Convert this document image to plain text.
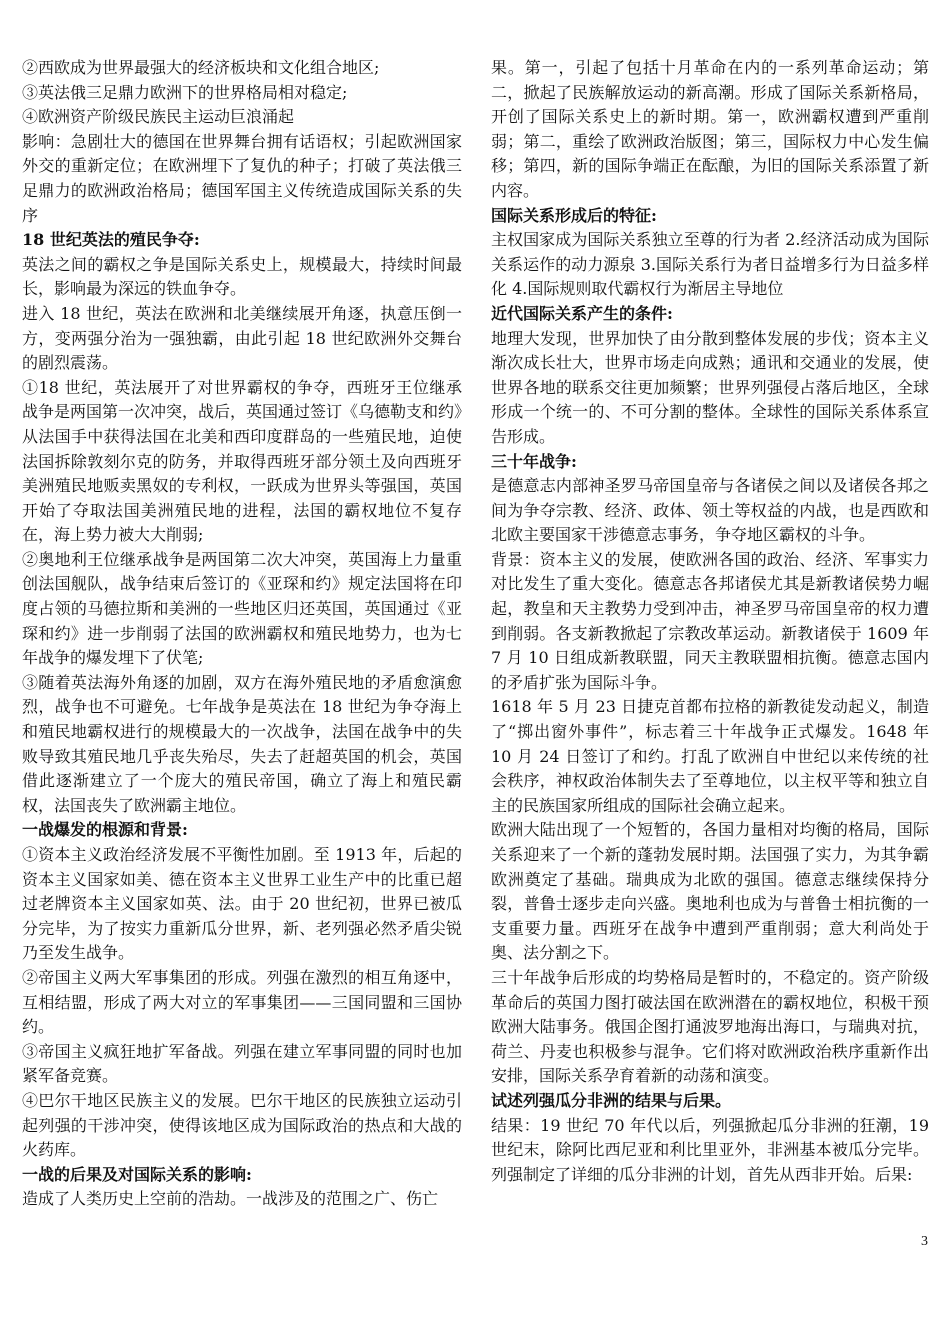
②西欧成为世界最强大的经济板块和文化组合地区;
③英法俄三足鼎力欧洲下的世界格局相对稳定;
④欧洲资产阶级民族民主运动巨浪涌起
影响：急剧壮大的德国在世界舞台拥有话语权；引起欧洲国家外交的重新定位；在欧洲埋下了复仇的种子；打破了英法俄三足鼎力的欧洲政治格局；德国军国主义传统造成国际关系的失序
18 世纪英法的殖民争夺:
英法之间的霸权之争是国际关系史上，规模最大，持续时间最长，影响最为深远的铁血争夺。
进入 18 世纪，英法在欧洲和北美继续展开角逐，执意压倒一方，变两强分治为一强独霸，由此引起 18 世纪欧洲外交舞台的剧烈震荡。
①18 世纪，英法展开了对世界霸权的争夺，西班牙王位继承战争是两国第一次冲突，战后，英国通过签订《乌德勒支和约》从法国手中获得法国在北美和西印度群岛的一些殖民地，迫使法国拆除敦刻尔克的防务，并取得西班牙部分领土及向西班牙美洲殖民地贩卖黑奴的专利权，一跃成为世界头等强国，英国开始了夺取法国美洲殖民地的进程，法国的霸权地位不复存在，海上势力被大大削弱;
②奥地利王位继承战争是两国第二次大冲突，英国海上力量重创法国舰队，战争结束后签订的《亚琛和约》规定法国将在印度占领的马德拉斯和美洲的一些地区归还英国，英国通过《亚琛和约》进一步削弱了法国的欧洲霸权和殖民地势力，也为七年战争的爆发埋下了伏笔;
③随着英法海外角逐的加剧，双方在海外殖民地的矛盾愈演愈烈，战争也不可避免。七年战争是英法在 18 世纪为争夺海上和殖民地霸权进行的规模最大的一次战争，法国在战争中的失败导致其殖民地几乎丧失殆尽，失去了赶超英国的机会，英国借此逐渐建立了一个庞大的殖民帝国，确立了海上和殖民霸权，法国丧失了欧洲霸主地位。
一战爆发的根源和背景:
①资本主义政治经济发展不平衡性加剧。至 1913 年，后起的资本主义国家如美、德在资本主义世界工业生产中的比重已超过老牌资本主义国家如英、法。由于 20 世纪初，世界已被瓜分完毕，为了按实力重新瓜分世界，新、老列强必然矛盾尖锐乃至发生战争。
②帝国主义两大军事集团的形成。列强在激烈的相互角逐中，互相结盟，形成了两大对立的军事集团——三国同盟和三国协约。
③帝国主义疯狂地扩军备战。列强在建立军事同盟的同时也加紧军备竞赛。
④巴尔干地区民族主义的发展。巴尔干地区的民族独立运动引起列强的干涉冲突，使得该地区成为国际政治的热点和大战的火药库。
一战的后果及对国际关系的影响:
造成了人类历史上空前的浩劫。一战涉及的范围之广、伤亡
果。第一，引起了包括十月革命在内的一系列革命运动；第二，掀起了民族解放运动的新高潮。形成了国际关系新格局，开创了国际关系史上的新时期。第一，欧洲霸权遭到严重削弱；第二，重绘了欧洲政治版图；第三，国际权力中心发生偏移；第四，新的国际争端正在酝酿，为旧的国际关系添置了新内容。
国际关系形成后的特征:
主权国家成为国际关系独立至尊的行为者 2.经济活动成为国际关系运作的动力源泉 3.国际关系行为者日益增多行为日益多样化 4.国际规则取代霸权行为渐居主导地位
近代国际关系产生的条件:
地理大发现，世界加快了由分散到整体发展的步伐；资本主义渐次成长壮大，世界市场走向成熟；通讯和交通业的发展，使世界各地的联系交往更加频繁；世界列强侵占落后地区，全球形成一个统一的、不可分割的整体。全球性的国际关系体系宣告形成。
三十年战争:
是德意志内部神圣罗马帝国皇帝与各诸侯之间以及诸侯各邦之间为争夺宗教、经济、政体、领土等权益的内战，也是西欧和北欧主要国家干涉德意志事务，争夺地区霸权的斗争。
背景：资本主义的发展，使欧洲各国的政治、经济、军事实力对比发生了重大变化。德意志各邦诸侯尤其是新教诸侯势力崛起，教皇和天主教势力受到冲击，神圣罗马帝国皇帝的权力遭到削弱。各支新教掀起了宗教改革运动。新教诸侯于 1609 年 7 月 10 日组成新教联盟，同天主教联盟相抗衡。德意志国内的矛盾扩张为国际斗争。
1618 年 5 月 23 日捷克首都布拉格的新教徒发动起义，制造了“掷出窗外事件”，标志着三十年战争正式爆发。1648 年 10 月 24 日签订了和约。打乱了欧洲自中世纪以来传统的社会秩序，神权政治体制失去了至尊地位，以主权平等和独立自主的民族国家所组成的国际社会确立起来。
欧洲大陆出现了一个短暂的，各国力量相对均衡的格局，国际关系迎来了一个新的蓬勃发展时期。法国强了实力，为其争霸欧洲奠定了基础。瑞典成为北欧的强国。德意志继续保持分裂，普鲁士逐步走向兴盛。奥地利也成为与普鲁士相抗衡的一支重要力量。西班牙在战争中遭到严重削弱；意大利尚处于奥、法分割之下。
三十年战争后形成的均势格局是暂时的，不稳定的。资产阶级革命后的英国力图打破法国在欧洲潜在的霸权地位，积极干预欧洲大陆事务。俄国企图打通波罗地海出海口，与瑞典对抗，荷兰、丹麦也积极参与混争。它们将对欧洲政治秩序重新作出安排，国际关系孕育着新的动荡和演变。
试述列强瓜分非洲的结果与后果。
结果：19 世纪 70 年代以后，列强掀起瓜分非洲的狂潮，19 世纪末，除阿比西尼亚和利比里亚外，非洲基本被瓜分完毕。列强制定了详细的瓜分非洲的计划，首先从西非开始。后果:
3
